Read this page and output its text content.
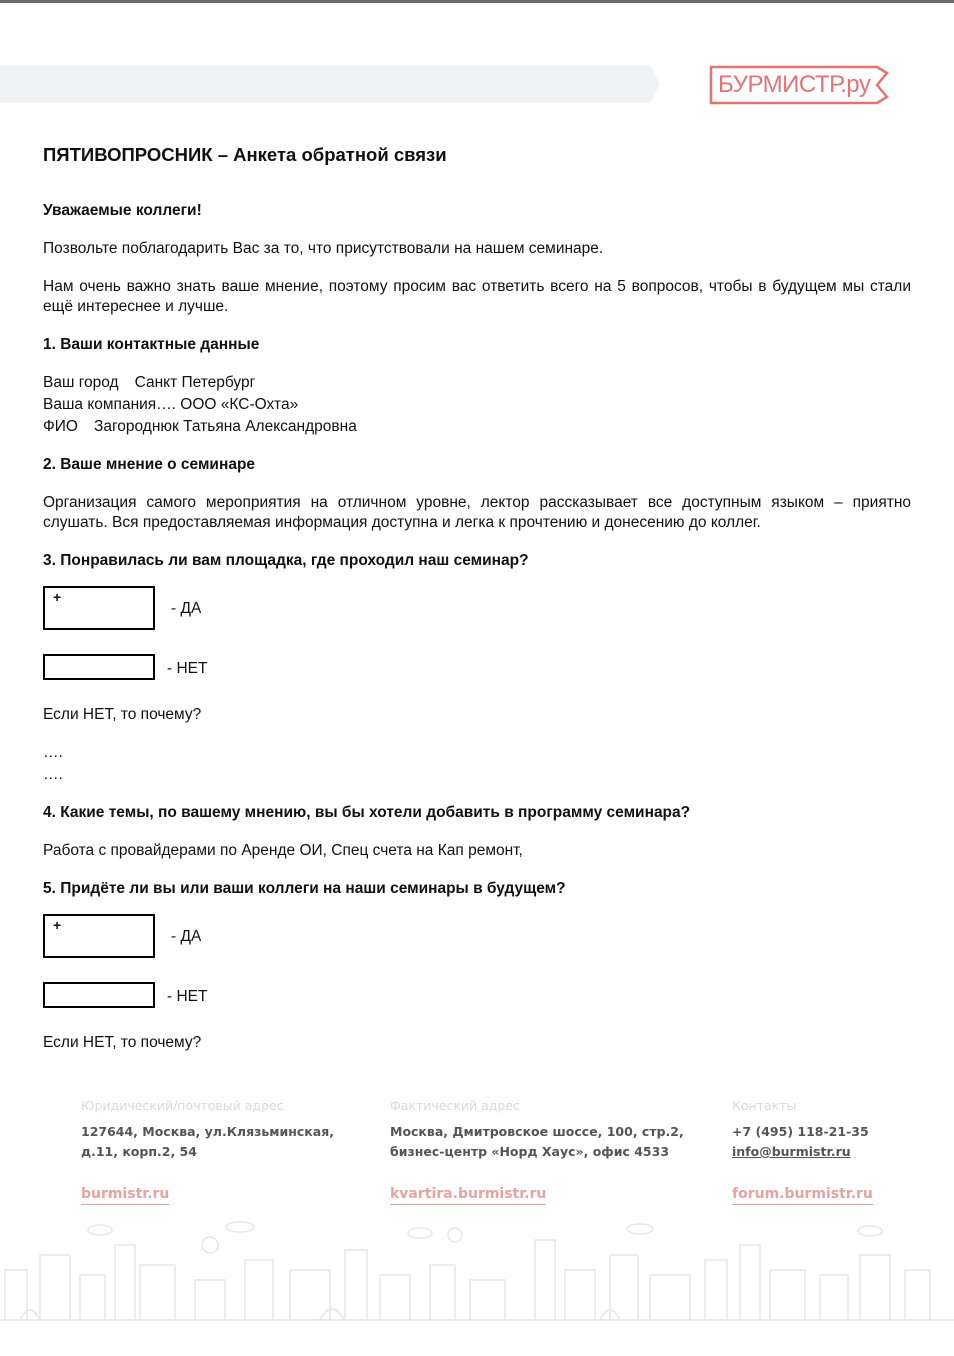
БУРМИСТР.ру
ПЯТИВОПРОСНИК – Анкета обратной связи
Уважаемые коллеги!
Позвольте поблагодарить Вас за то, что присутствовали на нашем семинаре.
Нам очень важно знать ваше мнение, поэтому просим вас ответить всего на 5 вопросов, чтобы в будущем мы стали ещё интереснее и лучше.
1. Ваши контактные данные
Ваш город Санкт Петербург
Ваша компания…. ООО «КС-Охта»
ФИО Загороднюк Татьяна Александровна
2. Ваше мнение о семинаре
Организация самого мероприятия на отличном уровне, лектор рассказывает все доступным языком – приятно слушать. Вся предоставляемая информация доступна и легка к прочтению и донесению до коллег.
3. Понравилась ли вам площадка, где проходил наш семинар?
+
- ДА
- НЕТ
Если НЕТ, то почему?
….
….
4. Какие темы, по вашему мнению, вы бы хотели добавить в программу семинара?
Работа с провайдерами по Аренде ОИ, Спец счета на Кап ремонт,
5. Придёте ли вы или ваши коллеги на наши семинары в будущем?
+
- ДА
- НЕТ
Если НЕТ, то почему?
Юридический/почтовый адрес
127644, Москва, ул.Клязьминская,
д.11, корп.2, 54
Фактический адрес
Москва, Дмитровское шоссе, 100, стр.2,
бизнес-центр «Норд Хаус», офис 4533
Контакты
+7 (495) 118-21-35
info@burmistr.ru
burmistr.ru	kvartira.burmistr.ru	forum.burmistr.ru
